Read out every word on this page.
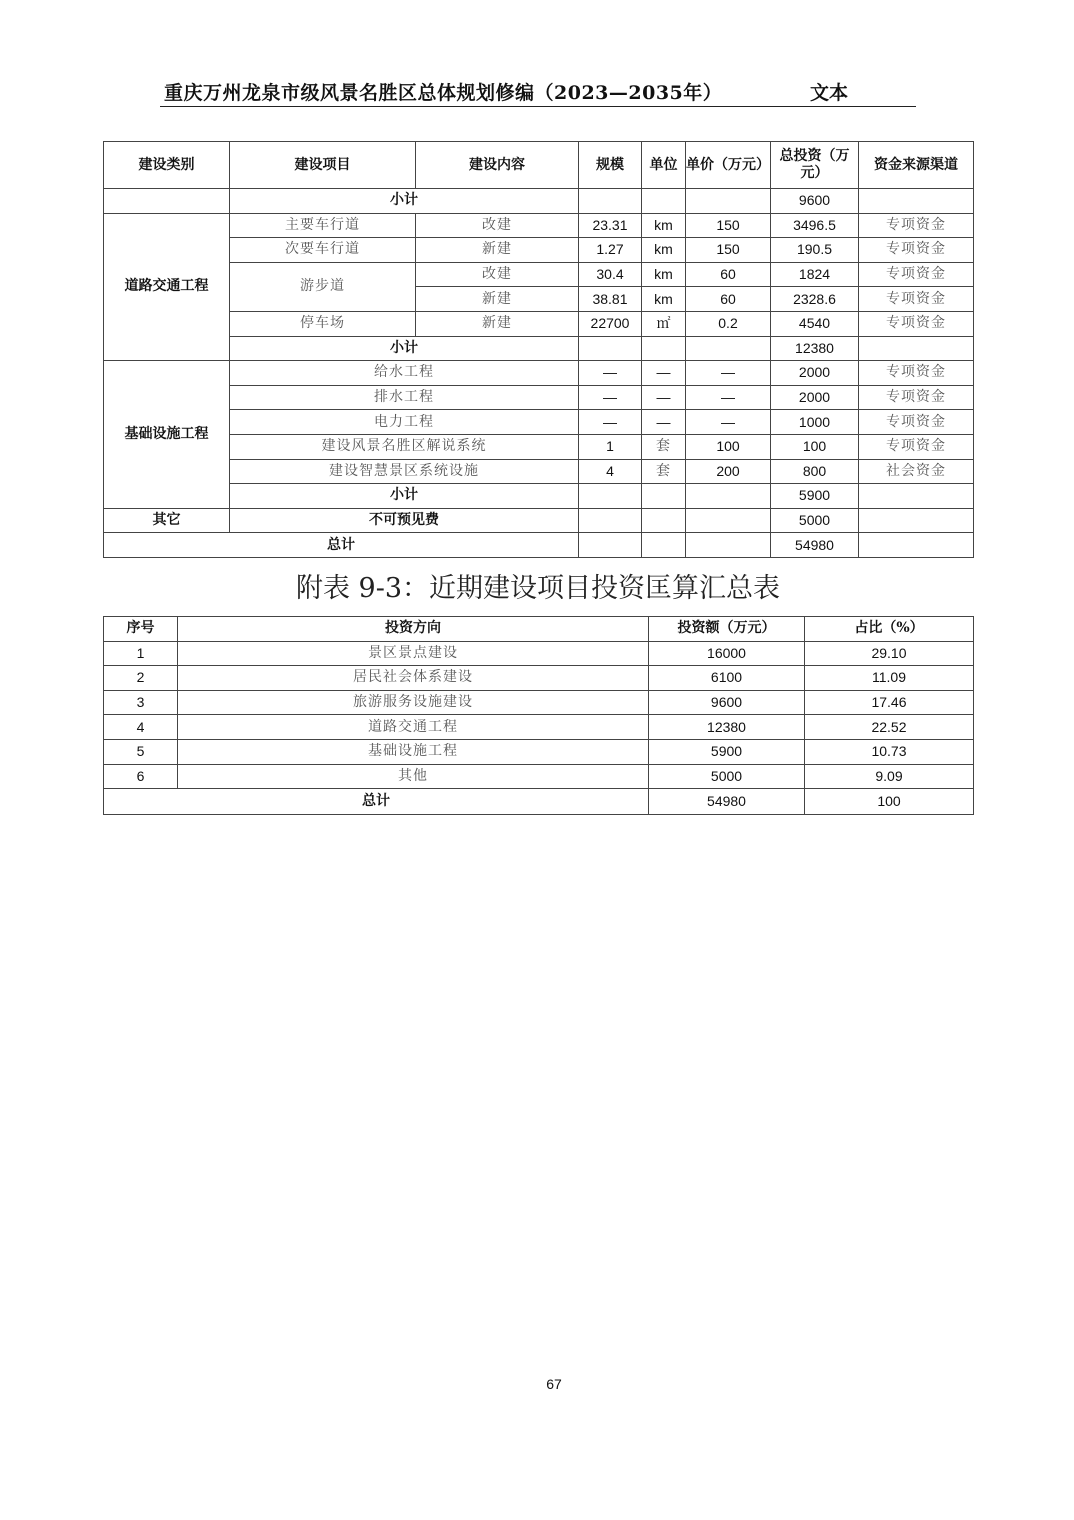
重庆万州龙泉市级风景名胜区总体规划修编（2023—2035年）	文本
建设类别	建设项目	建设内容	规模	单位	单价（万元）	总投资（万元）	资金来源渠道
	小计					9600	
道路交通工程	主要车行道	改建	23.31	km	150	3496.5	专项资金
	次要车行道	新建	1.27	km	150	190.5	专项资金
	游步道	改建	30.4	km	60	1824	专项资金
		新建	38.81	km	60	2328.6	专项资金
	停车场	新建	22700	㎡	0.2	4540	专项资金
	小计					12380	
基础设施工程	给水工程		—	—	—	2000	专项资金
	排水工程		—	—	—	2000	专项资金
	电力工程		—	—	—	1000	专项资金
	建设风景名胜区解说系统		1	套	100	100	专项资金
	建设智慧景区系统设施		4	套	200	800	社会资金
	小计					5900	
其它	不可预见费					5000	
总计						54980	
附表 9-3：近期建设项目投资匡算汇总表
序号	投资方向	投资额（万元）	占比（%）
1	景区景点建设	16000	29.10
2	居民社会体系建设	6100	11.09
3	旅游服务设施建设	9600	17.46
4	道路交通工程	12380	22.52
5	基础设施工程	5900	10.73
6	其他	5000	9.09
总计		54980	100
67
